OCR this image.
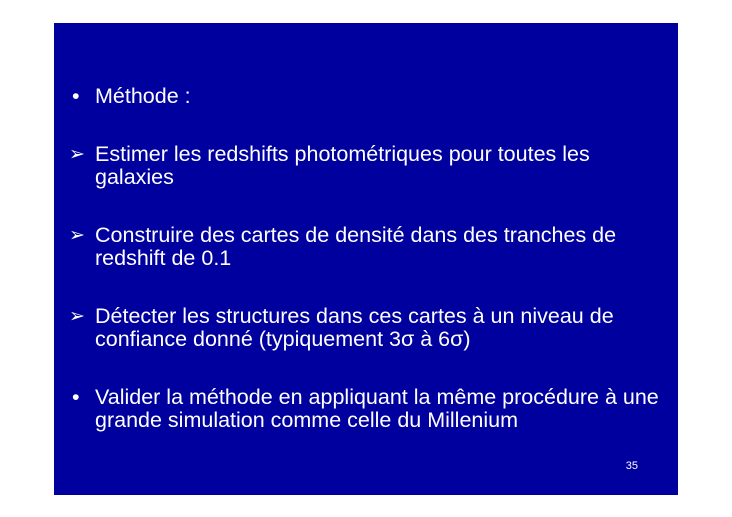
• Méthode :
➢ Estimer les redshifts photométriques pour toutes les galaxies
➢ Construire des cartes de densité dans des tranches de redshift de 0.1
➢ Détecter les structures dans ces cartes à un niveau de confiance donné (typiquement 3σ à 6σ)
• Valider la méthode en appliquant la même procédure à une grande simulation comme celle du Millenium
35
